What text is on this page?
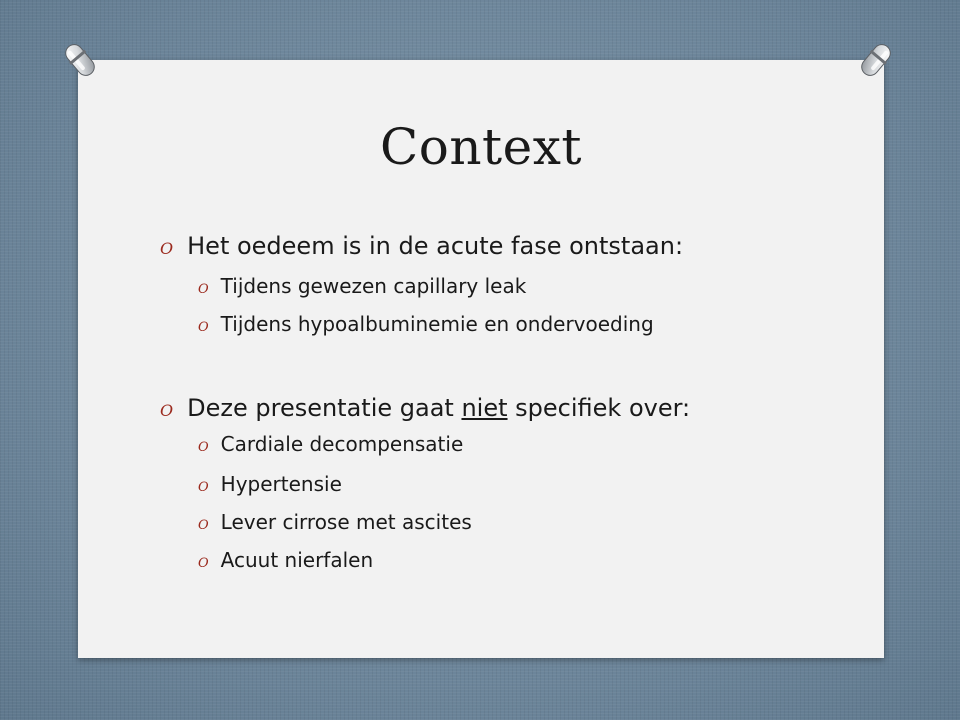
Context
O Het oedeem is in de acute fase ontstaan:
O Tijdens gewezen capillary leak
O Tijdens hypoalbuminemie en ondervoeding
O Deze presentatie gaat niet specifiek over:
O Cardiale decompensatie
O Hypertensie
O Lever cirrose met ascites
O Acuut nierfalen
